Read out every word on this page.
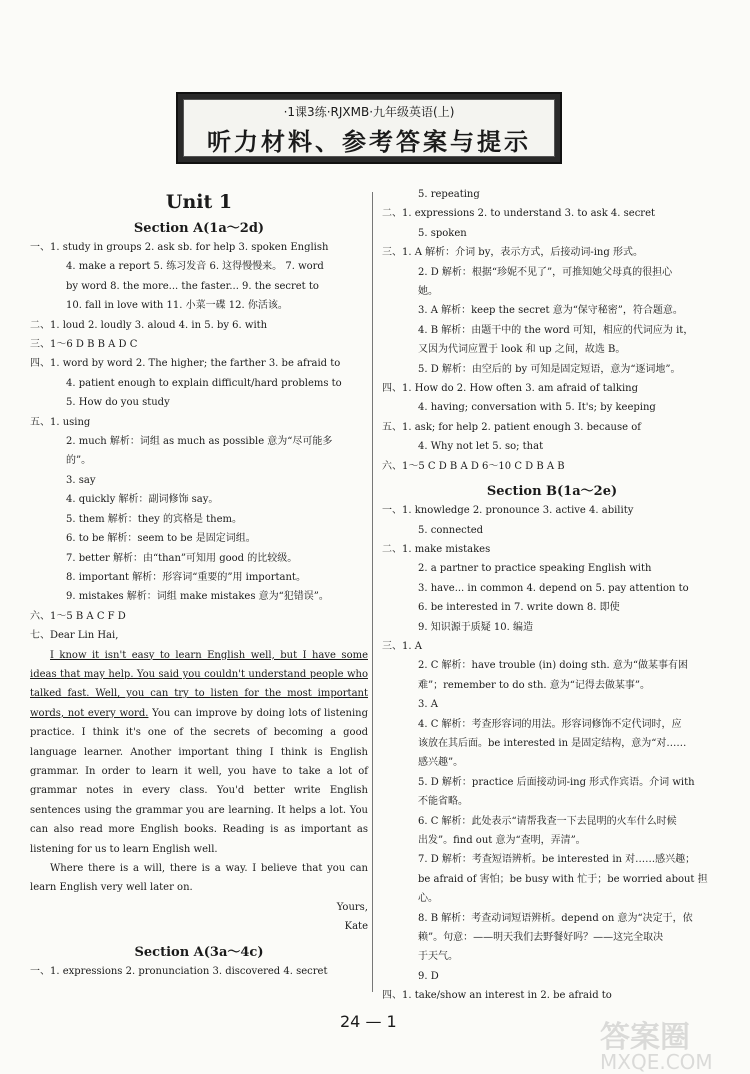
·1课3练·RJXMB·九年级英语(上)
听力材料、参考答案与提示
Unit 1
Section A(1a～2d)
一、1. study in groups 2. ask sb. for help 3. spoken English
4. make a report 5. 练习发音 6. 这得慢慢来。 7. word
by word 8. the more... the faster... 9. the secret to
10. fall in love with 11. 小菜一碟 12. 你活该。
二、1. loud 2. loudly 3. aloud 4. in 5. by 6. with
三、1～6 D B B A D C
四、1. word by word 2. The higher; the farther 3. be afraid to
4. patient enough to explain difficult/hard problems to
5. How do you study
五、1. using
2. much 解析：词组 as much as possible 意为“尽可能多
的”。
3. say
4. quickly 解析：副词修饰 say。
5. them 解析：they 的宾格是 them。
6. to be 解析：seem to be 是固定词组。
7. better 解析：由“than”可知用 good 的比较级。
8. important 解析：形容词“重要的”用 important。
9. mistakes 解析：词组 make mistakes 意为“犯错误”。
六、1～5 B A C F D
七、Dear Lin Hai,
I know it isn't easy to learn English well, but I have some ideas that may help. You said you couldn't understand people who talked fast. Well, you can try to listen for the most important words, not every word. You can improve by doing lots of listening practice. I think it's one of the secrets of becoming a good language learner. Another important thing I think is English grammar. In order to learn it well, you have to take a lot of grammar notes in every class. You'd better write English sentences using the grammar you are learning. It helps a lot. You can also read more English books. Reading is as important as listening for us to learn English well.
Where there is a will, there is a way. I believe that you can learn English very well later on.
Yours,
Kate
Section A(3a～4c)
一、1. expressions 2. pronunciation 3. discovered 4. secret
5. repeating
二、1. expressions 2. to understand 3. to ask 4. secret
5. spoken
三、1. A 解析：介词 by，表示方式，后接动词-ing 形式。
2. D 解析：根据“珍妮不见了”，可推知她父母真的很担心
她。
3. A 解析：keep the secret 意为“保守秘密”，符合题意。
4. B 解析：由题干中的 the word 可知，相应的代词应为 it，
又因为代词应置于 look 和 up 之间，故选 B。
5. D 解析：由空后的 by 可知是固定短语，意为“逐词地”。
四、1. How do 2. How often 3. am afraid of talking
4. having; conversation with 5. It's; by keeping
五、1. ask; for help 2. patient enough 3. because of
4. Why not let 5. so; that
六、1～5 C D B A D 6～10 C D B A B
Section B(1a～2e)
一、1. knowledge 2. pronounce 3. active 4. ability
5. connected
二、1. make mistakes
2. a partner to practice speaking English with
3. have... in common 4. depend on 5. pay attention to
6. be interested in 7. write down 8. 即使
9. 知识源于质疑 10. 编造
三、1. A
2. C 解析：have trouble (in) doing sth. 意为“做某事有困
难”；remember to do sth. 意为“记得去做某事”。
3. A
4. C 解析：考查形容词的用法。形容词修饰不定代词时，应
该放在其后面。be interested in 是固定结构，意为“对……
感兴趣”。
5. D 解析：practice 后面接动词-ing 形式作宾语。介词 with
不能省略。
6. C 解析：此处表示“请帮我查一下去昆明的火车什么时候
出发”。find out 意为“查明，弄清”。
7. D 解析：考查短语辨析。be interested in 对……感兴趣；
be afraid of 害怕；be busy with 忙于；be worried about 担
心。
8. B 解析：考查动词短语辨析。depend on 意为“决定于，依
赖”。句意：——明天我们去野餐好吗？——这完全取决
于天气。
9. D
四、1. take/show an interest in 2. be afraid to
24 — 1	答案圈
MXQE.COM
